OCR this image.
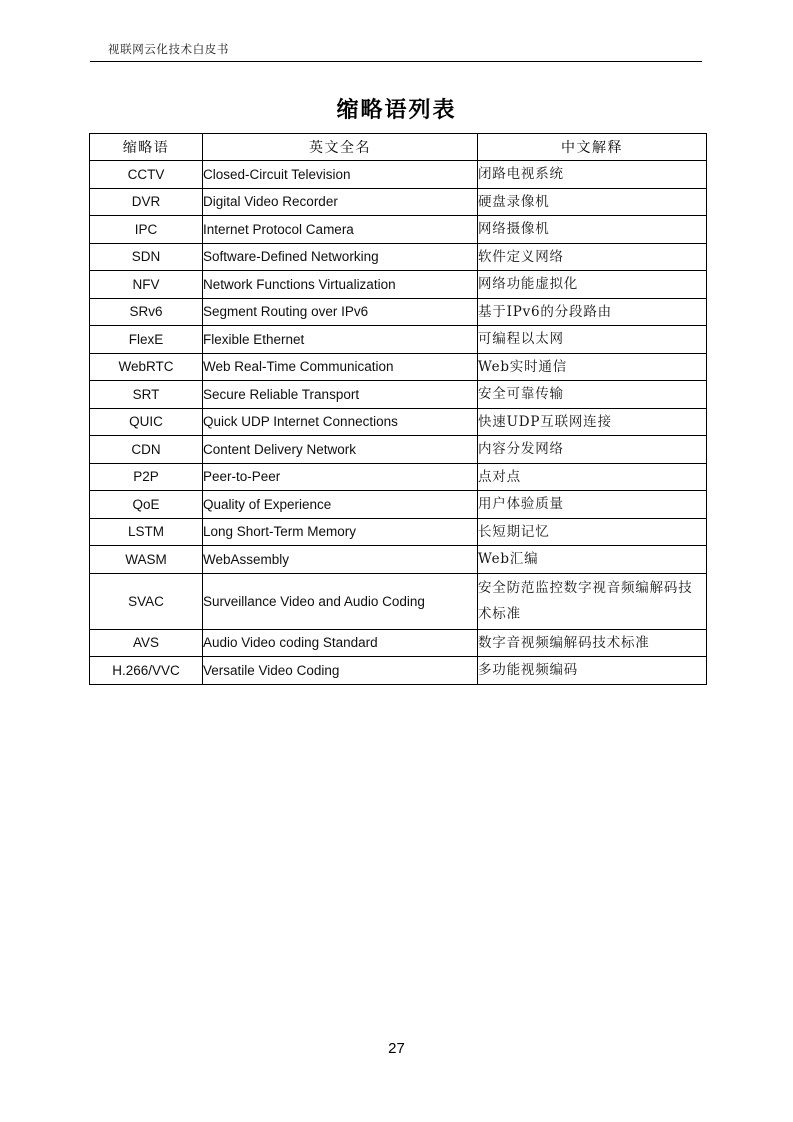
视联网云化技术白皮书
缩略语列表
缩略语	英文全名	中文解释
CCTV	Closed-Circuit Television	闭路电视系统
DVR	Digital Video Recorder	硬盘录像机
IPC	Internet Protocol Camera	网络摄像机
SDN	Software-Defined Networking	软件定义网络
NFV	Network Functions Virtualization	网络功能虚拟化
SRv6	Segment Routing over IPv6	基于IPv6的分段路由
FlexE	Flexible Ethernet	可编程以太网
WebRTC	Web Real-Time Communication	Web实时通信
SRT	Secure Reliable Transport	安全可靠传输
QUIC	Quick UDP Internet Connections	快速UDP互联网连接
CDN	Content Delivery Network	内容分发网络
P2P	Peer-to-Peer	点对点
QoE	Quality of Experience	用户体验质量
LSTM	Long Short-Term Memory	长短期记忆
WASM	WebAssembly	Web汇编
SVAC	Surveillance Video and Audio Coding	安全防范监控数字视音频编解码技术标准
AVS	Audio Video coding Standard	数字音视频编解码技术标准
H.266/VVC	Versatile Video Coding	多功能视频编码
27
